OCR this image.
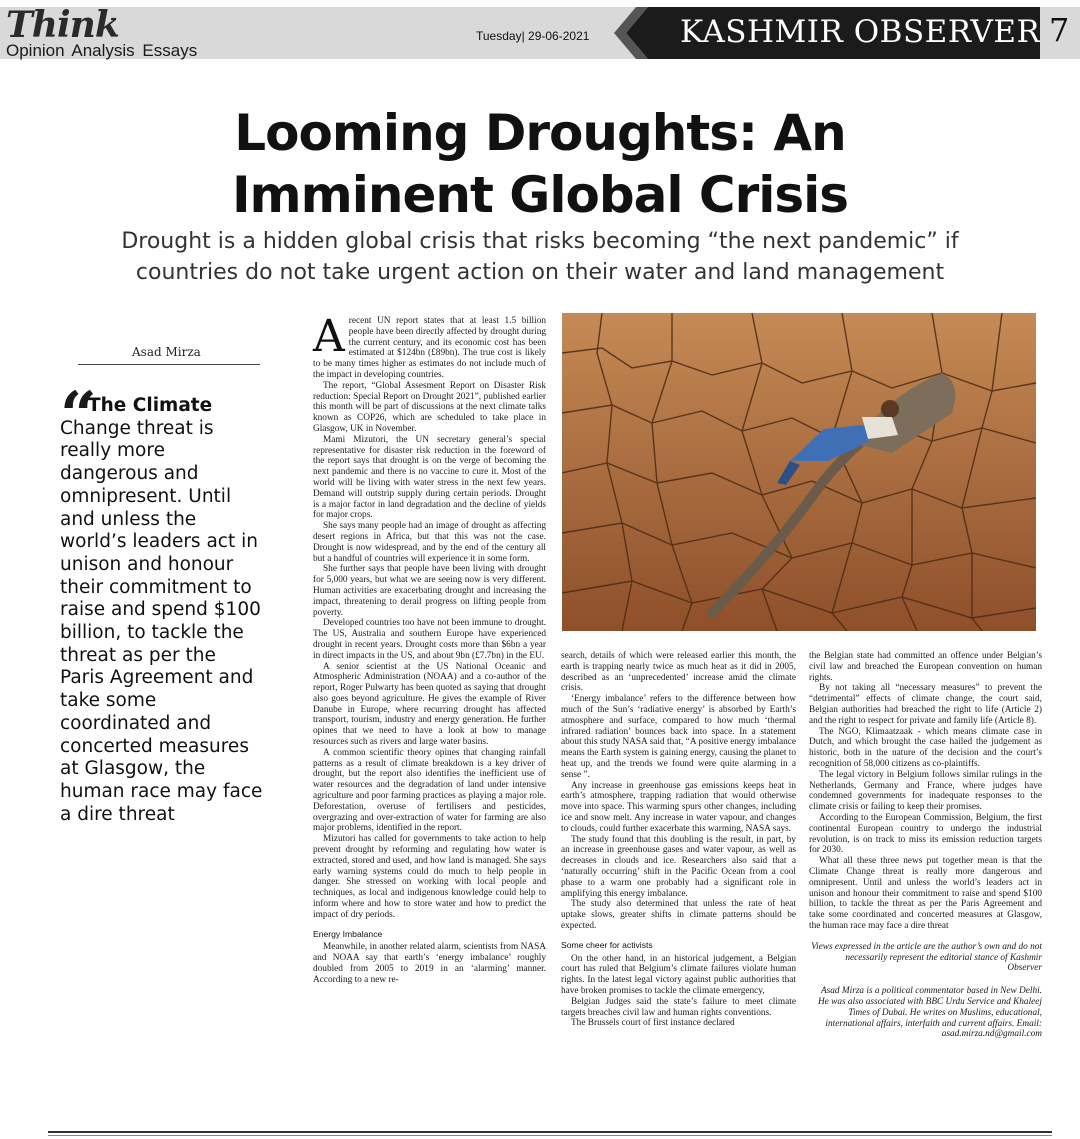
Think
Opinion Analysis Essays
Tuesday| 29-06-2021	KASHMIR OBSERVER 7
Looming Droughts: An
Imminent Global Crisis
Drought is a hidden global crisis that risks becoming “the next pandemic” if
countries do not take urgent action on their water and land management
Asad Mirza
“
The Climate Change threat is really more dangerous and omnipresent. Until and unless the world’s leaders act in unison and honour their commitment to raise and spend $100 billion, to tackle the threat as per the Paris Agreement and take some coordinated and concerted measures at Glasgow, the human race may face a dire threat
A recent UN report states that at least 1.5 billion people have been directly affected by drought during the current century, and its economic cost has been estimated at $124bn (£89bn). The true cost is likely to be many times higher as estimates do not include much of the impact in developing countries.

The report, “Global Assesment Report on Disaster Risk reduction: Special Report on Drought 2021”, published earlier this month will be part of discussions at the next climate talks known as COP26, which are scheduled to take place in Glasgow, UK in November.

Mami Mizutori, the UN secretary general’s special representative for disaster risk reduction in the foreword of the report says that drought is on the verge of becoming the next pandemic and there is no vaccine to cure it. Most of the world will be living with water stress in the next few years. Demand will outstrip supply during certain periods. Drought is a major factor in land degradation and the decline of yields for major crops.

She says many people had an image of drought as affecting desert regions in Africa, but that this was not the case. Drought is now widespread, and by the end of the century all but a handful of countries will experience it in some form.

She further says that people have been living with drought for 5,000 years, but what we are seeing now is very different. Human activities are exacerbating drought and increasing the impact, threatening to derail progress on lifting people from poverty.

Developed countries too have not been immune to drought. The US, Australia and southern Europe have experienced drought in recent years. Drought costs more than $6bn a year in direct impacts in the US, and about 9bn (£7.7bn) in the EU.

A senior scientist at the US National Oceanic and Atmospheric Administration (NOAA) and a co-author of the report, Roger Pulwarty has been quoted as saying that drought also goes beyond agriculture. He gives the example of River Danube in Europe, where recurring drought has affected transport, tourism, industry and energy generation. He further opines that we need to have a look at how to manage resources such as rivers and large water basins.

A common scientific theory opines that changing rainfall patterns as a result of climate breakdown is a key driver of drought, but the report also identifies the inefficient use of water resources and the degradation of land under intensive agriculture and poor farming practices as playing a major role. Deforestation, overuse of fertilisers and pesticides, overgrazing and over-extraction of water for farming are also major problems, identified in the report.

Mizutori has called for governments to take action to help prevent drought by reforming and regulating how water is extracted, stored and used, and how land is managed. She says early warning systems could do much to help people in danger. She stressed on working with local people and techniques, as local and indigenous knowledge could help to inform where and how to store water and how to predict the impact of dry periods.

Energy Imbalance

Meanwhile, in another related alarm, scientists from NASA and NOAA say that earth’s ‘energy imbalance’ roughly doubled from 2005 to 2019 in an ‘alarming’ manner. According to a new re-

search, details of which were released earlier this month, the earth is trapping nearly twice as much heat as it did in 2005, described as an ‘unprecedented’ increase amid the climate crisis.

‘Energy imbalance’ refers to the difference between how much of the Sun’s ‘radiative energy’ is absorbed by Earth’s atmosphere and surface, compared to how much ‘thermal infrared radiation’ bounces back into space. In a statement about this study NASA said that, “A positive energy imbalance means the Earth system is gaining energy, causing the planet to heat up, and the trends we found were quite alarming in a sense ”.

Any increase in greenhouse gas emissions keeps heat in earth’s atmosphere, trapping radiation that would otherwise move into space. This warming spurs other changes, including ice and snow melt. Any increase in water vapour, and changes to clouds, could further exacerbate this warming, NASA says.

The study found that this doubling is the result, in part, by an increase in greenhouse gases and water vapour, as well as decreases in clouds and ice. Researchers also said that a ‘naturally occurring’ shift in the Pacific Ocean from a cool phase to a warm one probably had a significant role in amplifying this energy imbalance.

The study also determined that unless the rate of heat uptake slows, greater shifts in climate patterns should be expected.

Some cheer for activists

On the other hand, in an historical judgement, a Belgian court has ruled that Belgium’s climate failures violate human rights. In the latest legal victory against public authorities that have broken promises to tackle the climate emergency,

Belgian Judges said the state’s failure to meet climate targets breaches civil law and human rights conventions.

The Brussels court of first instance declared

the Belgian state had committed an offence under Belgian’s civil law and breached the European convention on human rights.

By not taking all “necessary measures” to prevent the “detrimental” effects of climate change, the court said, Belgian authorities had breached the right to life (Article 2) and the right to respect for private and family life (Article 8).

The NGO, Klimaatzaak - which means climate case in Dutch, and which brought the case hailed the judgement as historic, both in the nature of the decision and the court’s recognition of 58,000 citizens as co-plaintiffs.

The legal victory in Belgium follows similar rulings in the Netherlands, Germany and France, where judges have condemned governments for inadequate responses to the climate crisis or failing to keep their promises.

According to the European Commission, Belgium, the first continental European country to undergo the industrial revolution, is on track to miss its emission reduction targets for 2030.

What all these three news put together mean is that the Climate Change threat is really more dangerous and omnipresent. Until and unless the world’s leaders act in unison and honour their commitment to raise and spend $100 billion, to tackle the threat as per the Paris Agreement and take some coordinated and concerted measures at Glasgow, the human race may face a dire threat

Views expressed in the article are the author’s own and do not necessarily represent the editorial stance of Kashmir Observer
Asad Mirza is a political commentator based in New Delhi. He was also associated with BBC Urdu Service and Khaleej Times of Dubai. He writes on Muslims, educational, international affairs, interfaith and current affairs. Email: asad.mirza.nd@gmail.com
